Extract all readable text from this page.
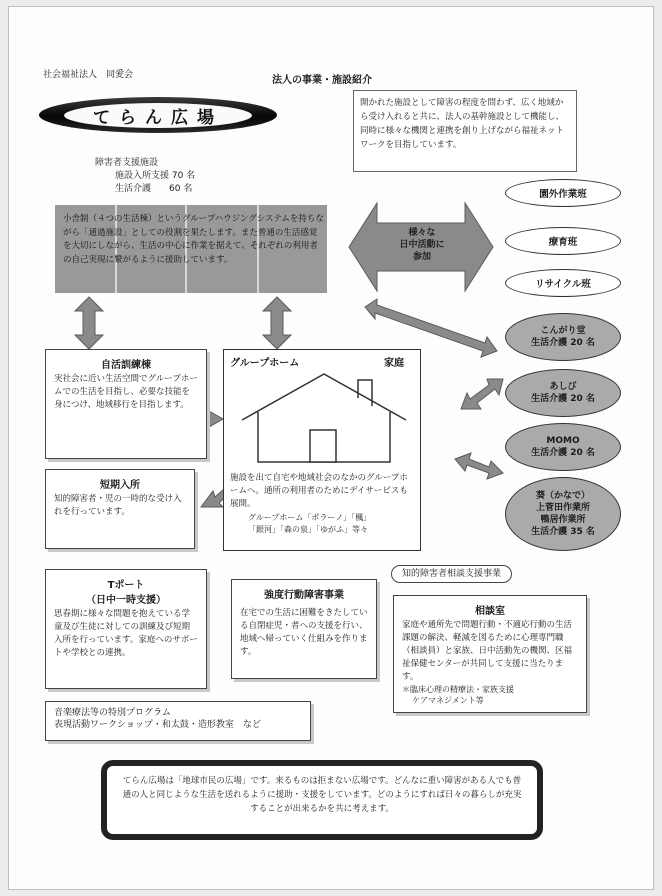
社会福祉法人　同愛会	法人の事業・施設紹介
てらん広場
開かれた施設として障害の程度を問わず、広く地域から受け入れると共に、法人の基幹施設として機能し、同時に様々な機関と連携を創り上げながら福祉ネットワークを目指しています。
障害者支援施設
施設入所支援 70 名
生活介護　　60 名
小舎制（４つの生活棟）というグループハウジングシステムを持ちながら「通過施設」としての役割を果たします。また普通の生活感覚を大切にしながら、生活の中心に作業を据えて、それぞれの利用者の自己実現に繋がるように援助しています。
様々な
日中活動に
参加
園外作業班
療育班
リサイクル班
こんがり堂
生活介護 20 名
あしび
生活介護 20 名
MOMO
生活介護 20 名
葵（かなで）
上菅田作業所
鴨居作業所
生活介護 35 名
自活訓練棟
実社会に近い生活空間でグループホームでの生活を目指し、必要な技能を身につけ、地域移行を目指します。
短期入所
知的障害者・児の一時的な受け入れを行っています。
グループホーム	家庭
施設を出て自宅や地域社会のなかのグループホームへ。通所の利用者のためにデイサービスも展開。
グループホーム「ポラーノ」「楓」
「銀河」「森の泉」「ゆがふ」等々
Tポート
（日中一時支援）
思春期に様々な問題を抱えている学童及び生徒に対しての訓練及び短期入所を行っています。家庭へのサポートや学校との連携。
強度行動障害事業
在宅での生活に困難をきたしている自閉症児・者への支援を行い、地域へ帰っていく仕組みを作ります。
知的障害者相談支援事業
相談室
家庭や通所先で問題行動・不適応行動の生活課題の解決、軽減を図るために心理専門職（相談員）と家族、日中活動先の機関、区福祉保健センターが共同して支援に当たります。
＊臨床心理の精療法・家族支援
ケアマネジメント等
音楽療法等の特別プログラム
表現活動ワークショップ・和太鼓・造形教室　など
てらん広場は「地球市民の広場」です。来るものは拒まない広場です。どんなに重い障害がある人でも普通の人と同じような生活を送れるように援助・支援をしています。どのようにすれば日々の暮らしが充実することが出来るかを共に考えます。
